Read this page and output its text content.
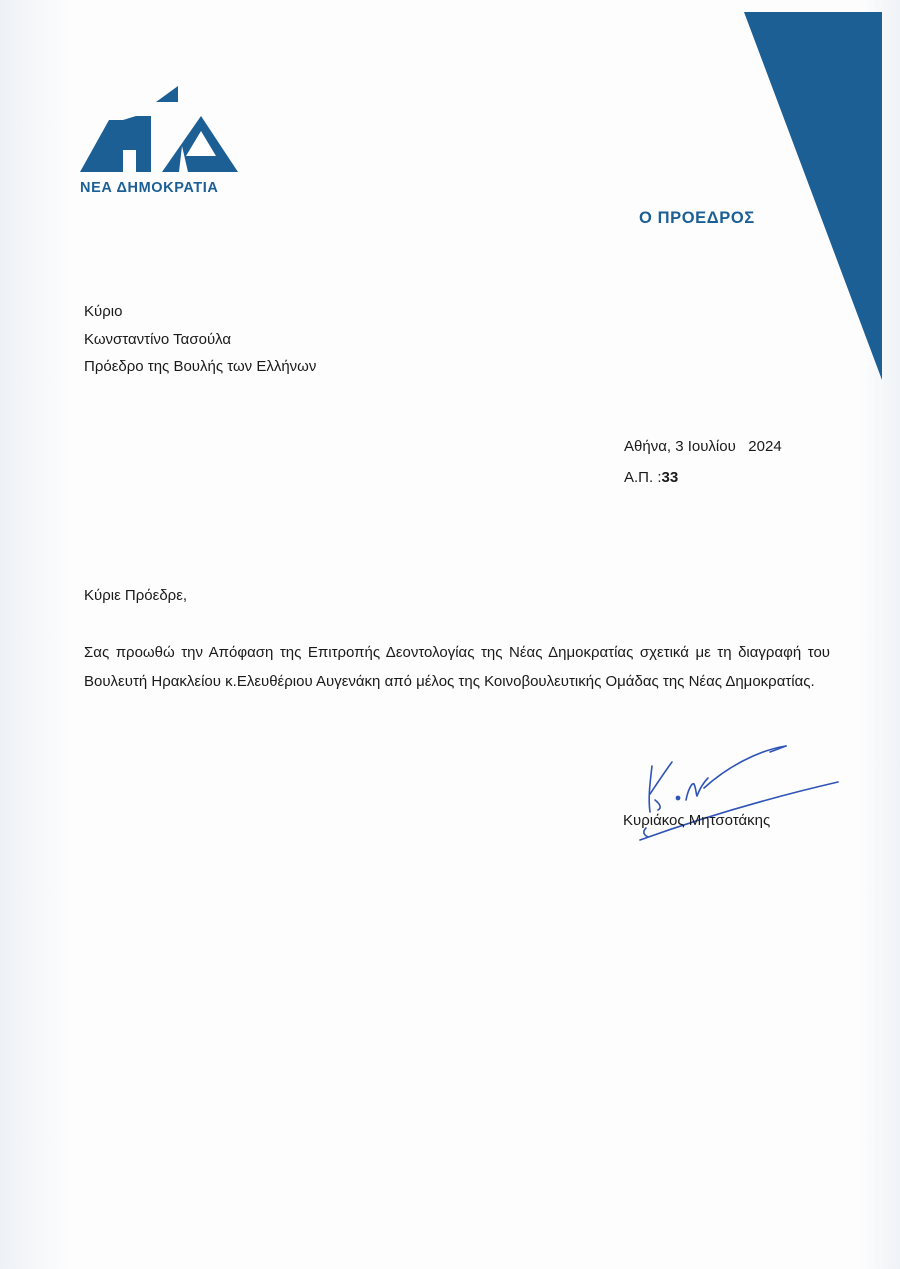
ΝΕΑ ΔΗΜΟΚΡΑΤΙΑ
Ο ΠΡΟΕΔΡΟΣ
Κύριο
Κωνσταντίνο Τασούλα
Πρόεδρο της Βουλής των Ελλήνων
Αθήνα, 3 Ιουλίου   2024
Α.Π. :33
Κύριε Πρόεδρε,
Σας προωθώ την Απόφαση της Επιτροπής Δεοντολογίας της Νέας Δημοκρατίας σχετικά με τη διαγραφή του Βουλευτή Ηρακλείου κ.Ελευθέριου Αυγενάκη από μέλος της Κοινοβουλευτικής Ομάδας της Νέας Δημοκρατίας.
Κυριάκος Μητσοτάκης
